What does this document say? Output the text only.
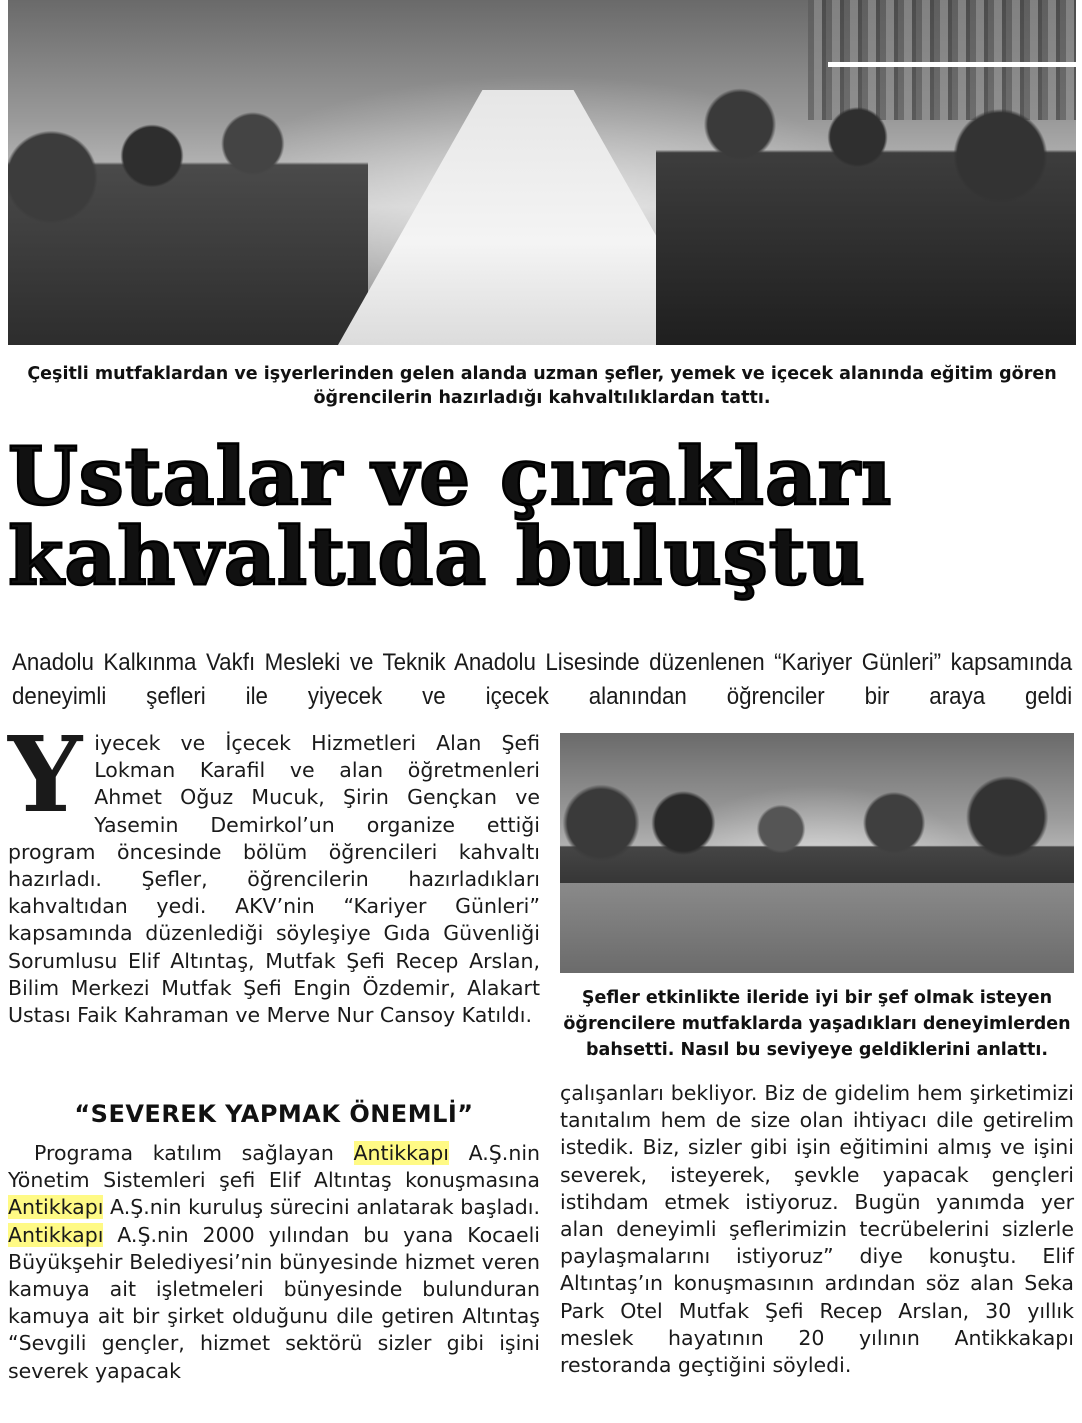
Çeşitli mutfaklardan ve işyerlerinden gelen alanda uzman şefler, yemek ve içecek alanında eğitim gören öğrencilerin hazırladığı kahvaltılıklardan tattı.
Ustalar ve çırakları
kahvaltıda buluştu

Anadolu Kalkınma Vakfı Mesleki ve Teknik Anadolu Lisesinde düzenlenen “Kariyer Günleri” kapsamında deneyimli şefleri ile yiyecek ve içecek alanından öğrenciler bir araya geldi

Yiyecek ve İçecek Hizmetleri Alan Şefi Lokman Karafil ve alan öğretmenleri Ahmet Oğuz Mucuk, Şirin Gençkan ve Yasemin Demirkol’un organize ettiği program öncesinde bölüm öğrencileri kahvaltı hazırladı. Şefler, öğrencilerin hazırladıkları kahvaltıdan yedi. AKV’nin “Kariyer Günleri” kapsamında düzenlediği söyleşiye Gıda Güvenliği Sorumlusu Elif Altıntaş, Mutfak Şefi Recep Arslan, Bilim Merkezi Mutfak Şefi Engin Özdemir, Alakart Ustası Faik Kahraman ve Merve Nur Cansoy Katıldı.

“SEVEREK YAPMAK ÖNEMLİ”

Programa katılım sağlayan Antikkapı A.Ş.nin Yönetim Sistemleri şefi Elif Altıntaş konuşmasına Antikkapı A.Ş.nin kuruluş sürecini anlatarak başladı. Antikkapı A.Ş.nin 2000 yılından bu yana Kocaeli Büyükşehir Belediyesi’nin bünyesinde hizmet veren kamuya ait işletmeleri bünyesinde bulunduran kamuya ait bir şirket olduğunu dile getiren Altıntaş “Sevgili gençler, hizmet sektörü sizler gibi işini severek yapacak

Şefler etkinlikte ileride iyi bir şef olmak isteyen öğrencilere mutfaklarda yaşadıkları deneyimlerden bahsetti. Nasıl bu seviyeye geldiklerini anlattı.

çalışanları bekliyor. Biz de gidelim hem şirketimizi tanıtalım hem de size olan ihtiyacı dile getirelim istedik. Biz, sizler gibi işin eğitimini almış ve işini severek, isteyerek, şevkle yapacak gençleri istihdam etmek istiyoruz. Bugün yanımda yer alan deneyimli şeflerimizin tecrübelerini sizlerle paylaşmalarını istiyoruz” diye konuştu. Elif Altıntaş’ın konuşmasının ardından söz alan Seka Park Otel Mutfak Şefi Recep Arslan, 30 yıllık meslek hayatının 20 yılının Antikkakapı restoranda geçtiğini söyledi.
